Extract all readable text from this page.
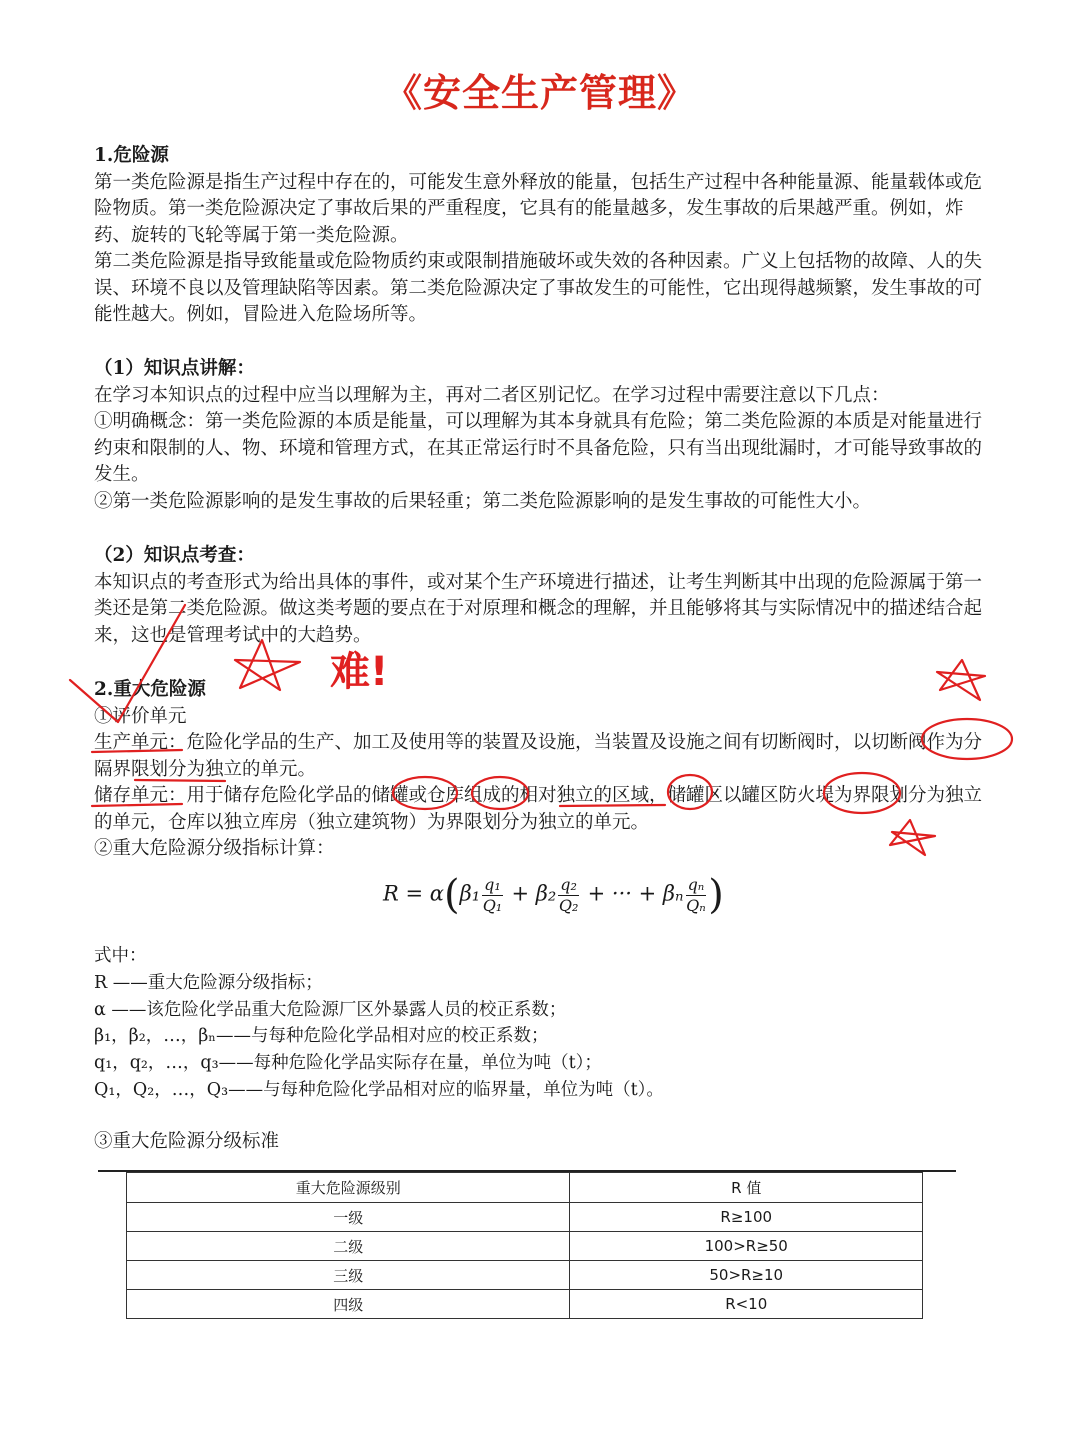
《安全生产管理》

1.危险源

第一类危险源是指生产过程中存在的，可能发生意外释放的能量，包括生产过程中各种能量源、能量载体或危险物质。第一类危险源决定了事故后果的严重程度，它具有的能量越多，发生事故的后果越严重。例如，炸药、旋转的飞轮等属于第一类危险源。

第二类危险源是指导致能量或危险物质约束或限制措施破坏或失效的各种因素。广义上包括物的故障、人的失误、环境不良以及管理缺陷等因素。第二类危险源决定了事故发生的可能性，它出现得越频繁，发生事故的可能性越大。例如，冒险进入危险场所等。

（1）知识点讲解：

在学习本知识点的过程中应当以理解为主，再对二者区别记忆。在学习过程中需要注意以下几点：

①明确概念：第一类危险源的本质是能量，可以理解为其本身就具有危险；第二类危险源的本质是对能量进行约束和限制的人、物、环境和管理方式，在其正常运行时不具备危险，只有当出现纰漏时，才可能导致事故的发生。

②第一类危险源影响的是发生事故的后果轻重；第二类危险源影响的是发生事故的可能性大小。

（2）知识点考查：

本知识点的考查形式为给出具体的事件，或对某个生产环境进行描述，让考生判断其中出现的危险源属于第一类还是第二类危险源。做这类考题的要点在于对原理和概念的理解，并且能够将其与实际情况中的描述结合起来，这也是管理考试中的大趋势。

2.重大危险源

①评价单元

生产单元：危险化学品的生产、加工及使用等的装置及设施，当装置及设施之间有切断阀时，以切断阀作为分隔界限划分为独立的单元。

储存单元：用于储存危险化学品的储罐或仓库组成的相对独立的区域，储罐区以罐区防火堤为界限划分为独立的单元，仓库以独立库房（独立建筑物）为界限划分为独立的单元。

②重大危险源分级指标计算：

$R = \alpha(\beta_1 \frac{\text{q₁}}{\text{Q₁}} + \beta_2 \frac{\text{q₂}}{\text{Q₂}}$ + ··· + βₙ $\frac{\text{qₙ}}{\text{Qₙ}}$ )

式中：

R ——重大危险源分级指标；

α ——该危险化学品重大危险源厂区外暴露人员的校正系数；

β₁，β₂，…，βₙ——与每种危险化学品相对应的校正系数；

q₁，q₂，…，q₃——每种危险化学品实际存在量，单位为吨（t）；

Q₁，Q₂，…，Q₃——与每种危险化学品相对应的临界量，单位为吨（t）。

③重大危险源分级标准

重大危险源级别	R 值
一级	R≥100
二级	100>R≥50
三级	50>R≥10
四级	R<10
难!
